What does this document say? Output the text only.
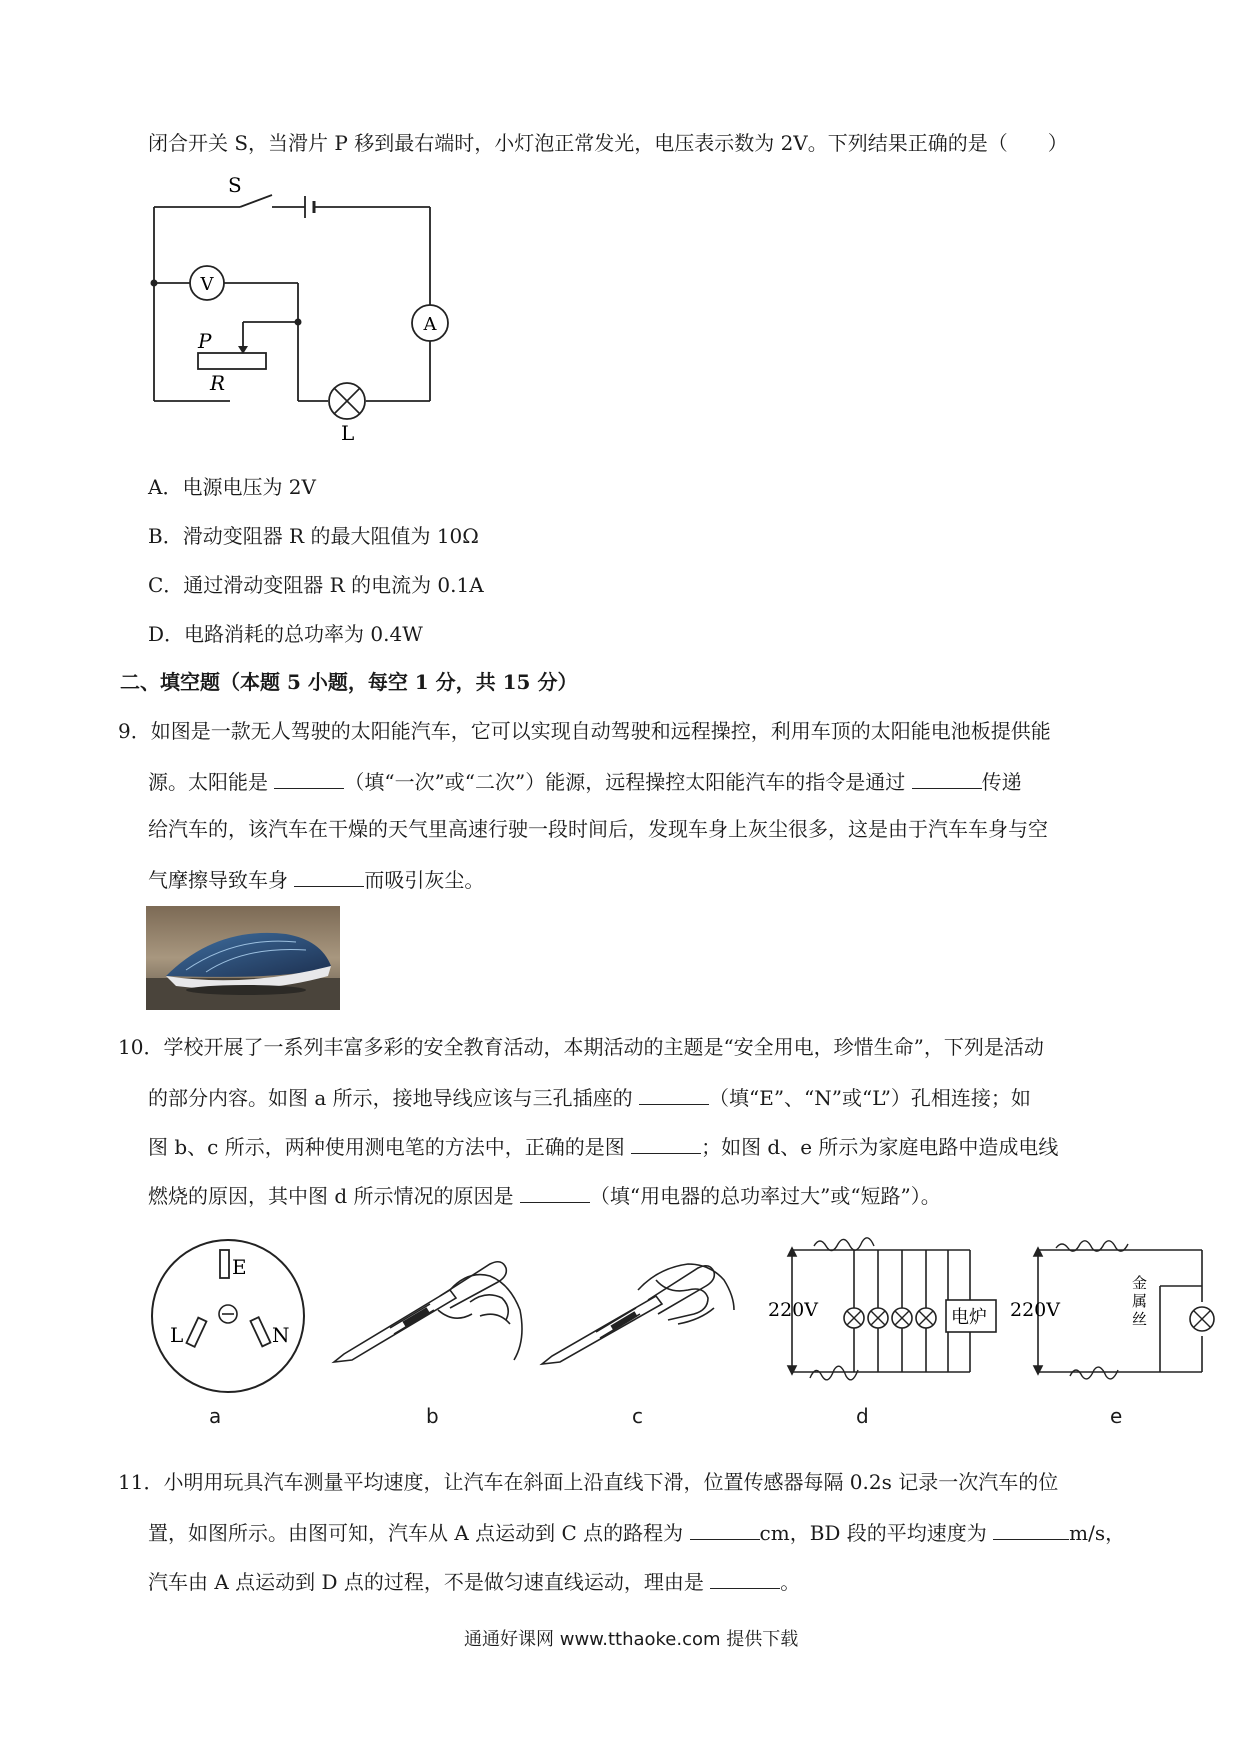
闭合开关 S，当滑片 P 移到最右端时，小灯泡正常发光，电压表示数为 2V。下列结果正确的是（　　）
S
V
A
P
R
L
A．电源电压为 2V
B．滑动变阻器 R 的最大阻值为 10Ω
C．通过滑动变阻器 R 的电流为 0.1A
D．电路消耗的总功率为 0.4W
二、填空题（本题 5 小题，每空 1 分，共 15 分）
9．如图是一款无人驾驶的太阳能汽车，它可以实现自动驾驶和远程操控，利用车顶的太阳能电池板提供能
源。太阳能是	（填“一次”或“二次”）能源，远程操控太阳能汽车的指令是通过	传递
给汽车的，该汽车在干燥的天气里高速行驶一段时间后，发现车身上灰尘很多，这是由于汽车车身与空
气摩擦导致车身	而吸引灰尘。
10．学校开展了一系列丰富多彩的安全教育活动，本期活动的主题是“安全用电，珍惜生命”，下列是活动
的部分内容。如图 a 所示，接地导线应该与三孔插座的	（填“E”、“N”或“L”）孔相连接；如
图 b、c 所示，两种使用测电笔的方法中，正确的是图	；如图 d、e 所示为家庭电路中造成电线
燃烧的原因，其中图 d 所示情况的原因是	（填“用电器的总功率过大”或“短路”）。
E
L	N
220V	电炉 220V
金
属
丝
a	b	c	d	e
11．小明用玩具汽车测量平均速度，让汽车在斜面上沿直线下滑，位置传感器每隔 0.2s 记录一次汽车的位
置，如图所示。由图可知，汽车从 A 点运动到 C 点的路程为	cm，BD 段的平均速度为	m/s，
汽车由 A 点运动到 D 点的过程，不是做匀速直线运动，理由是	。
通通好课网 www.tthaoke.com 提供下载
